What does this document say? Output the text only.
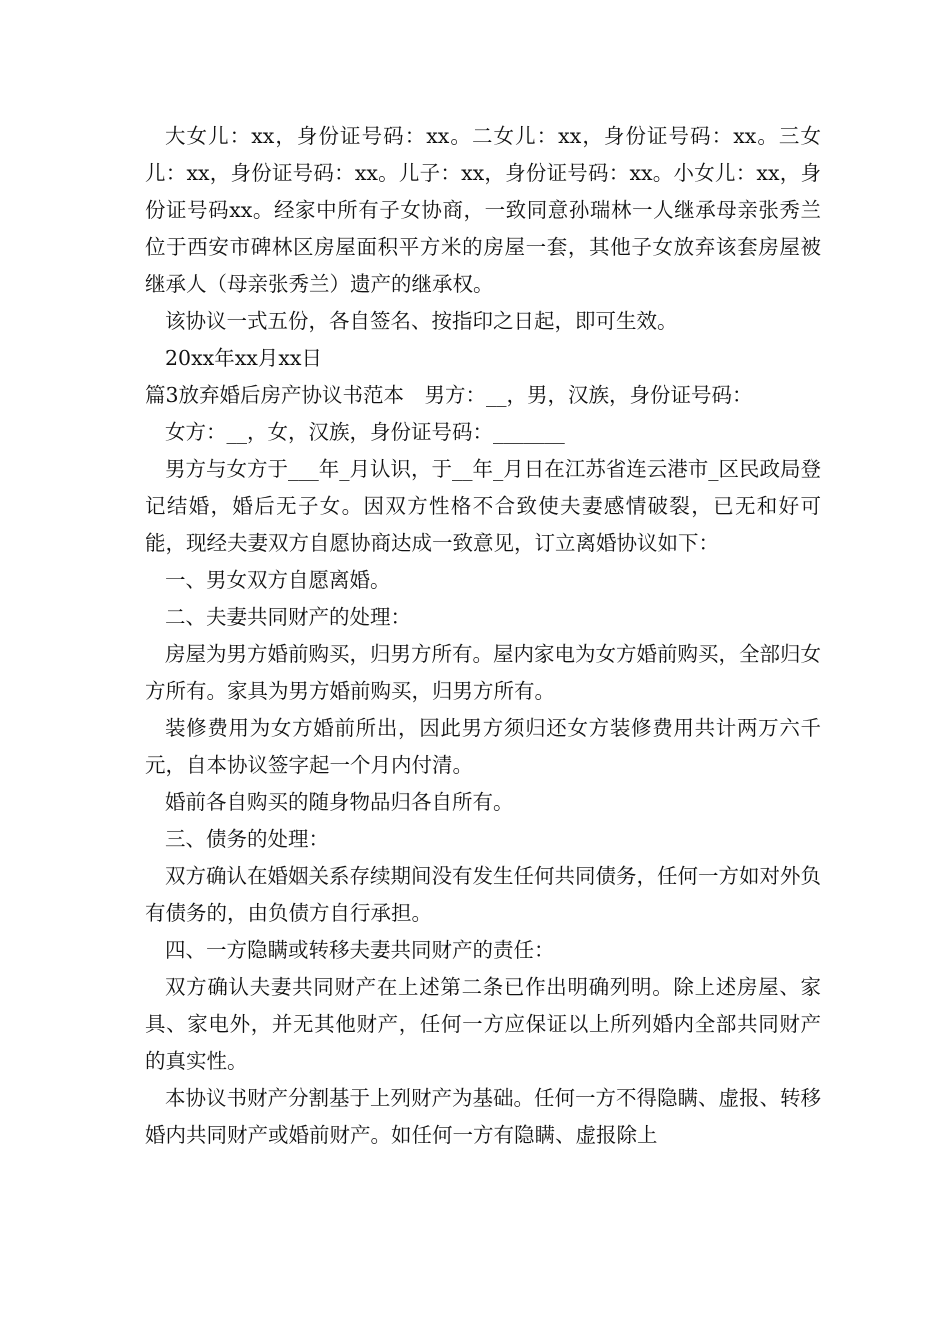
大女儿：xx，身份证号码：xx。二女儿：xx，身份证号码：xx。三女儿：xx，身份证号码：xx。儿子：xx，身份证号码：xx。小女儿：xx，身份证号码xx。经家中所有子女协商，一致同意孙瑞林一人继承母亲张秀兰位于西安市碑林区房屋面积平方米的房屋一套，其他子女放弃该套房屋被继承人（母亲张秀兰）遗产的继承权。

该协议一式五份，各自签名、按指印之日起，即可生效。

20xx年xx月xx日

篇3放弃婚后房产协议书范本　男方：__，男，汉族，身份证号码：

女方：__，女，汉族，身份证号码：_______

男方与女方于___年_月认识，于__年_月日在江苏省连云港市_区民政局登记结婚，婚后无子女。因双方性格不合致使夫妻感情破裂，已无和好可能，现经夫妻双方自愿协商达成一致意见，订立离婚协议如下：

一、男女双方自愿离婚。

二、夫妻共同财产的处理：

房屋为男方婚前购买，归男方所有。屋内家电为女方婚前购买，全部归女方所有。家具为男方婚前购买，归男方所有。

装修费用为女方婚前所出，因此男方须归还女方装修费用共计两万六千元，自本协议签字起一个月内付清。

婚前各自购买的随身物品归各自所有。

三、债务的处理：

双方确认在婚姻关系存续期间没有发生任何共同债务，任何一方如对外负有债务的，由负债方自行承担。

四、一方隐瞒或转移夫妻共同财产的责任：

双方确认夫妻共同财产在上述第二条已作出明确列明。除上述房屋、家具、家电外，并无其他财产，任何一方应保证以上所列婚内全部共同财产的真实性。

本协议书财产分割基于上列财产为基础。任何一方不得隐瞒、虚报、转移婚内共同财产或婚前财产。如任何一方有隐瞒、虚报除上
